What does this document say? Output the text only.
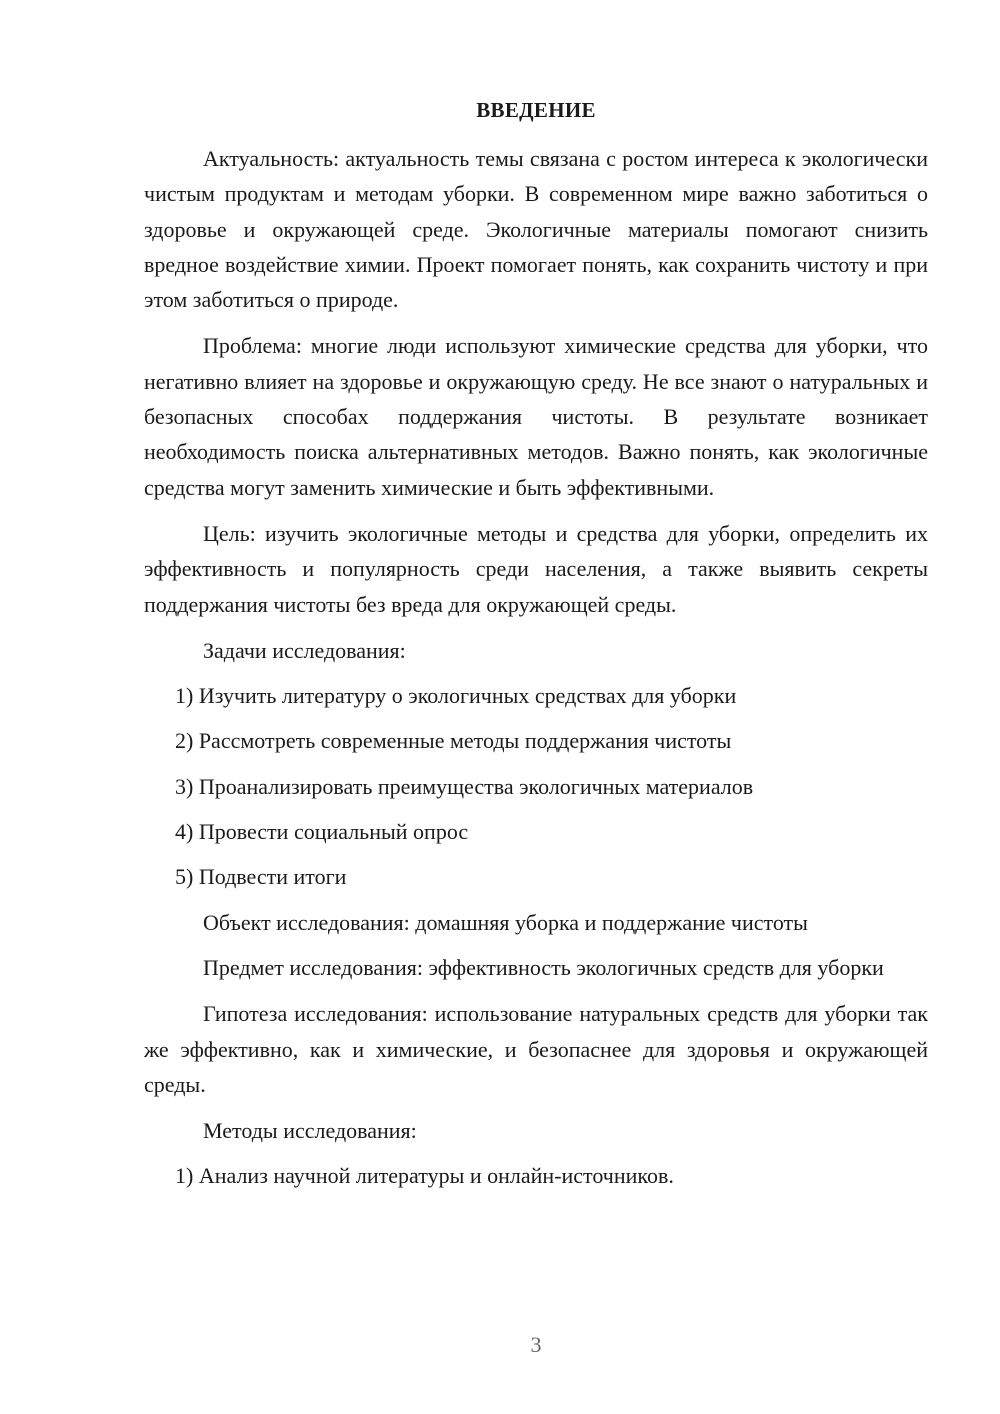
ВВЕДЕНИЕ

Актуальность: актуальность темы связана с ростом интереса к экологически чистым продуктам и методам уборки. В современном мире важно заботиться о здоровье и окружающей среде. Экологичные материалы помогают снизить вредное воздействие химии. Проект помогает понять, как сохранить чистоту и при этом заботиться о природе.

Проблема: многие люди используют химические средства для уборки, что негативно влияет на здоровье и окружающую среду. Не все знают о натуральных и безопасных способах поддержания чистоты. В результате возникает необходимость поиска альтернативных методов. Важно понять, как экологичные средства могут заменить химические и быть эффективными.

Цель: изучить экологичные методы и средства для уборки, определить их эффективность и популярность среди населения, а также выявить секреты поддержания чистоты без вреда для окружающей среды.

Задачи исследования:
1) Изучить литературу о экологичных средствах для уборки
2) Рассмотреть современные методы поддержания чистоты
3) Проанализировать преимущества экологичных материалов
4) Провести социальный опрос
5) Подвести итоги
Объект исследования: домашняя уборка и поддержание чистоты

Предмет исследования: эффективность экологичных средств для уборки

Гипотеза исследования: использование натуральных средств для уборки так же эффективно, как и химические, и безопаснее для здоровья и окружающей среды.

Методы исследования:
1) Анализ научной литературы и онлайн-источников.
3
